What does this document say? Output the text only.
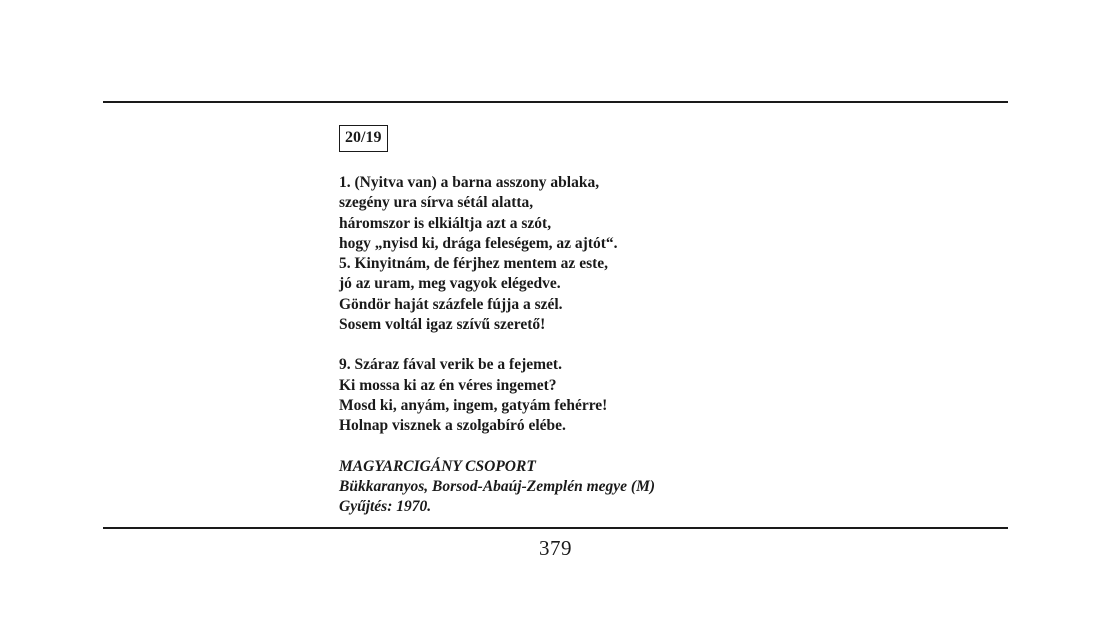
20/19

1. (Nyitva van) a barna asszony ablaka,
szegény ura sírva sétál alatta,
háromszor is elkiáltja azt a szót,
hogy „nyisd ki, drága feleségem, az ajtót“.
5. Kinyitnám, de férjhez mentem az este,
jó az uram, meg vagyok elégedve.
Göndör haját százfele fújja a szél.
Sosem voltál igaz szívű szerető!

9. Száraz fával verik be a fejemet.
Ki mossa ki az én véres ingemet?
Mosd ki, anyám, ingem, gatyám fehérre!
Holnap visznek a szolgabíró elébe.

MAGYARCIGÁNY CSOPORT
Bükkaranyos, Borsod-Abaúj-Zemplén megye (M)
Gyűjtés: 1970.
379
